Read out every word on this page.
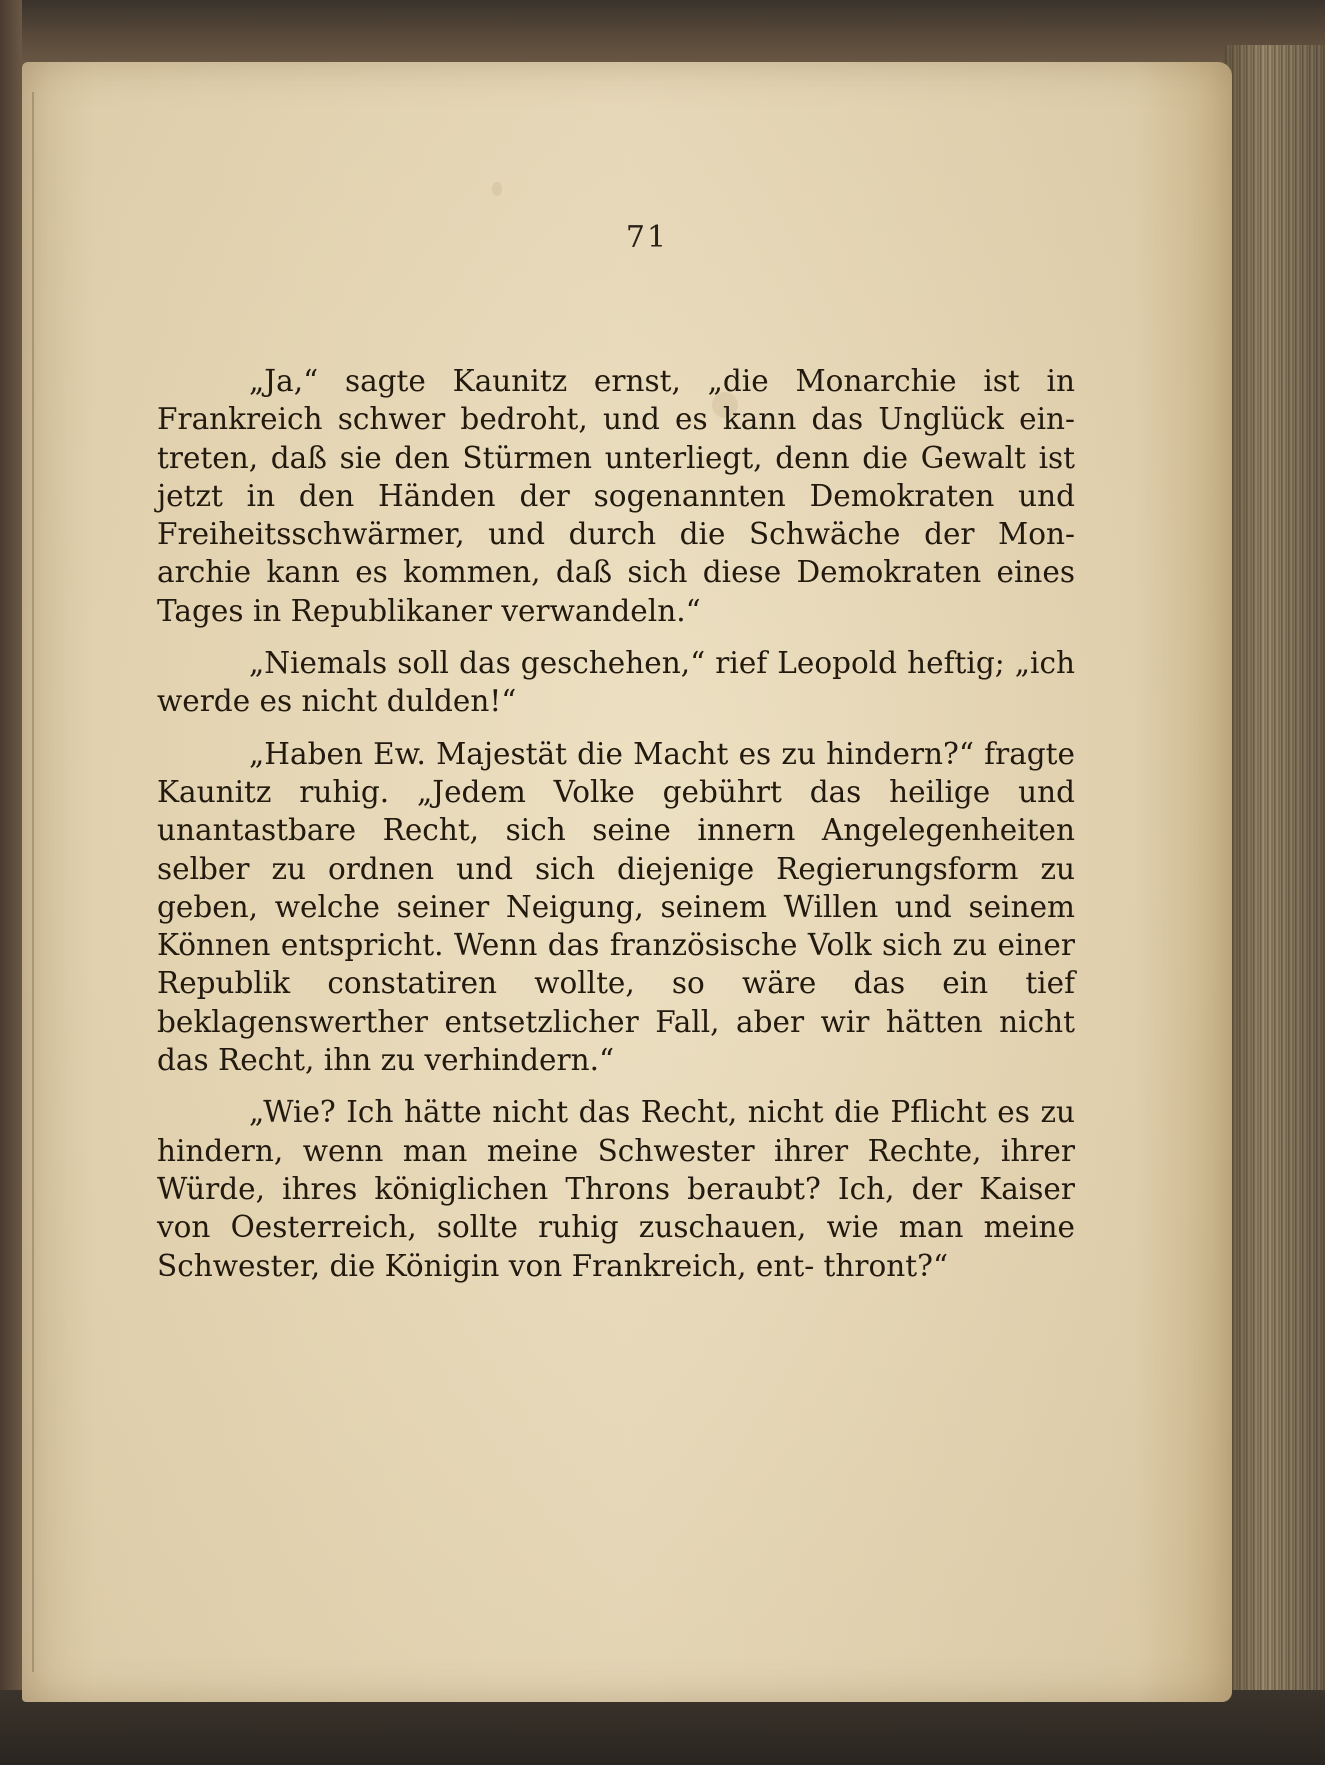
71

„Ja,“ sagte Kaunitz ernst, „die Monarchie ist in Frankreich schwer bedroht, und es kann das Unglück ein- treten, daß sie den Stürmen unterliegt, denn die Gewalt ist jetzt in den Händen der sogenannten Demokraten und Freiheitsschwärmer, und durch die Schwäche der Mon- archie kann es kommen, daß sich diese Demokraten eines Tages in Republikaner verwandeln.“

„Niemals soll das geschehen,“ rief Leopold heftig; „ich werde es nicht dulden!“

„Haben Ew. Majestät die Macht es zu hindern?“ fragte Kaunitz ruhig. „Jedem Volke gebührt das heilige und unantastbare Recht, sich seine innern Angelegenheiten selber zu ordnen und sich diejenige Regierungsform zu geben, welche seiner Neigung, seinem Willen und seinem Können entspricht. Wenn das französische Volk sich zu einer Republik constatiren wollte, so wäre das ein tief beklagenswerther entsetzlicher Fall, aber wir hätten nicht das Recht, ihn zu verhindern.“

„Wie? Ich hätte nicht das Recht, nicht die Pflicht es zu hindern, wenn man meine Schwester ihrer Rechte, ihrer Würde, ihres königlichen Throns beraubt? Ich, der Kaiser von Oesterreich, sollte ruhig zuschauen, wie man meine Schwester, die Königin von Frankreich, ent- thront?“
